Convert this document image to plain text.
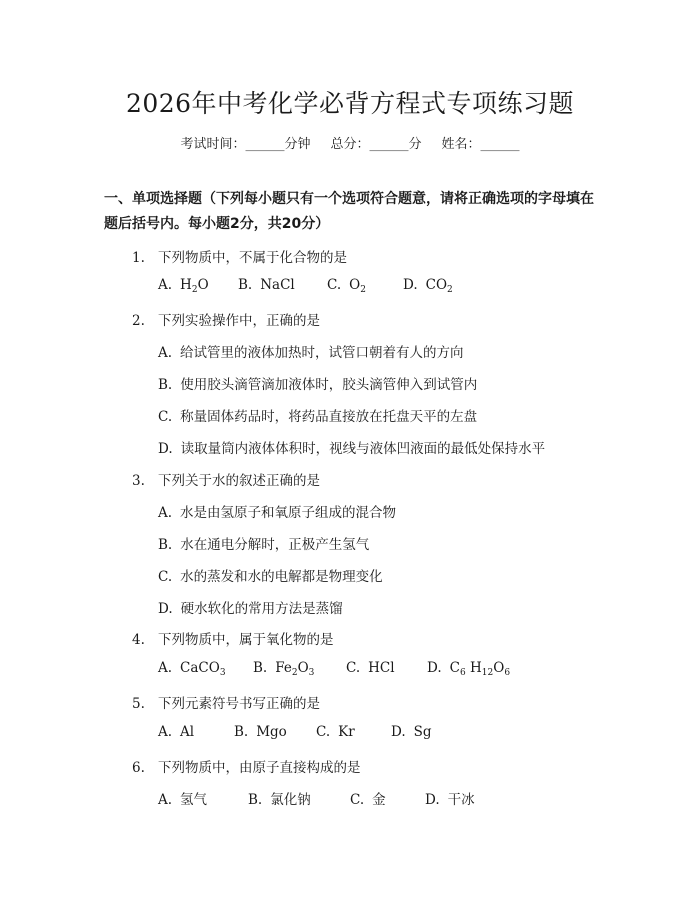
2026年中考化学必背方程式专项练习题
考试时间：______分钟 总分：______分 姓名：______
一、单项选择题（下列每小题只有一个选项符合题意，请将正确选项的字母填在题后括号内。每小题2分，共20分）
1. 下列物质中，不属于化合物的是
A. $H_2O$ B. NaCl C. $O_2$	D. $CO_2$
2. 下列实验操作中，正确的是
A. 给试管里的液体加热时，试管口朝着有人的方向
B. 使用胶头滴管滴加液体时，胶头滴管伸入到试管内
C. 称量固体药品时，将药品直接放在托盘天平的左盘
D. 读取量筒内液体体积时，视线与液体凹液面的最低处保持水平
3. 下列关于水的叙述正确的是
A. 水是由氢原子和氧原子组成的混合物
B. 水在通电分解时，正极产生氢气
C. 水的蒸发和水的电解都是物理变化
D. 硬水软化的常用方法是蒸馏
4. 下列物质中，属于氧化物的是
A. CaCO$_3$ B. $Fe_2O_3$ C. HCl D. $C_6$ $H_{12}O_6$
5. 下列元素符号书写正确的是
A. Al	B. Mgo C. Kr	D. Sg
6. 下列物质中，由原子直接构成的是
A. 氢气	B. 氯化钠	C. 金	D. 干冰
